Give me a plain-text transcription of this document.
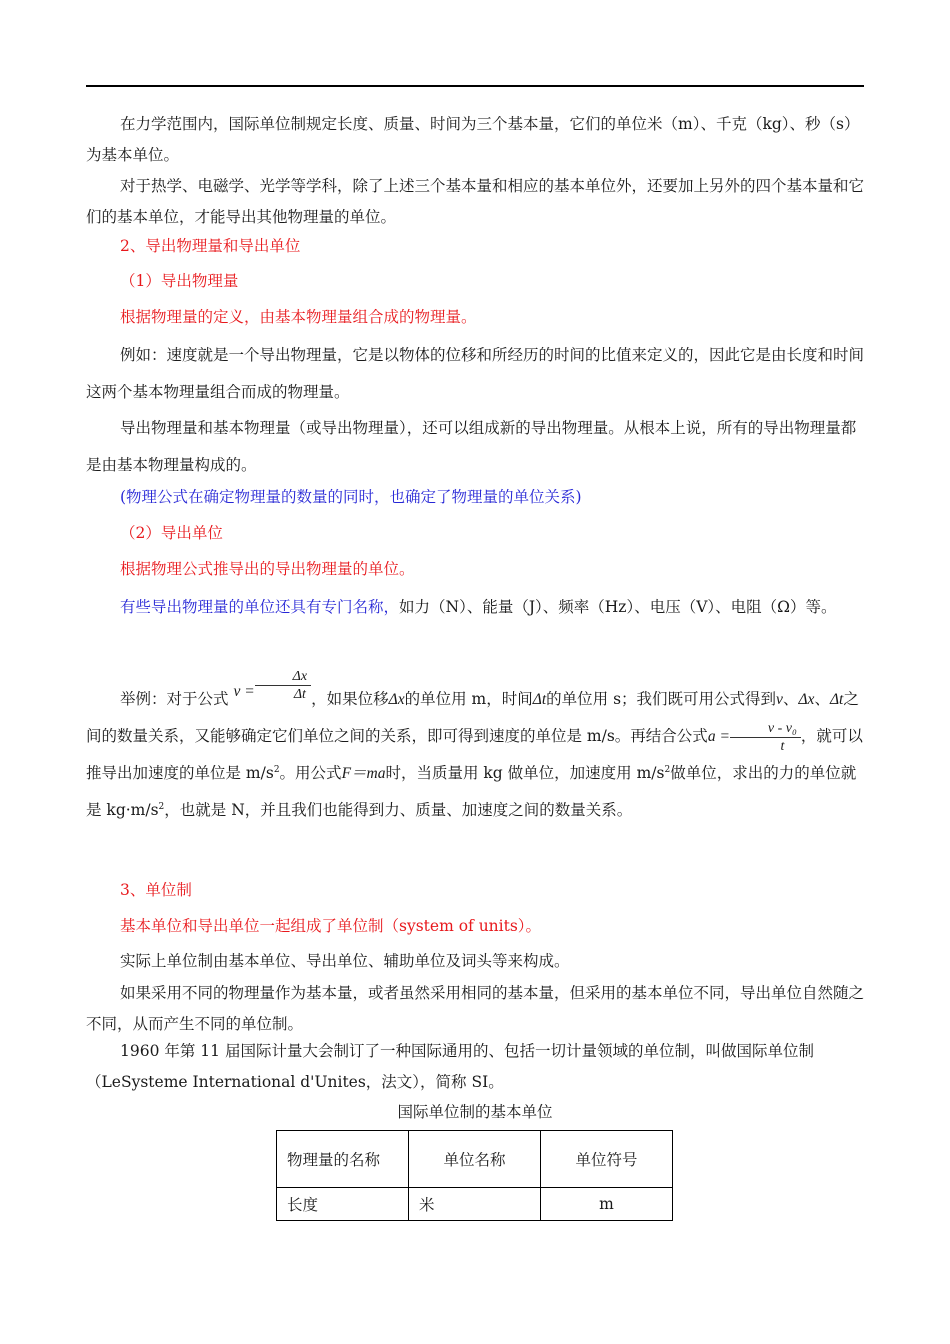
在力学范围内，国际单位制规定长度、质量、时间为三个基本量，它们的单位米（m）、千克（kg）、秒（s）为基本单位。
对于热学、电磁学、光学等学科，除了上述三个基本量和相应的基本单位外，还要加上另外的四个基本量和它们的基本单位，才能导出其他物理量的单位。
2、导出物理量和导出单位
（1）导出物理量
根据物理量的定义，由基本物理量组合成的物理量。
例如：速度就是一个导出物理量，它是以物体的位移和所经历的时间的比值来定义的，因此它是由长度和时间这两个基本物理量组合而成的物理量。
导出物理量和基本物理量（或导出物理量），还可以组成新的导出物理量。从根本上说，所有的导出物理量都是由基本物理量构成的。
(物理公式在确定物理量的数量的同时，也确定了物理量的单位关系)
（2）导出单位
根据物理公式推导出的导出物理量的单位。
有些导出物理量的单位还具有专门名称，如力（N）、能量（J）、频率（Hz）、电压（V）、电阻（Ω）等。
举例：对于公式 $v = \frac{\Delta x}{\Delta t}$ ，如果位移Δx的单位用 m，时间Δt的单位用 s；我们既可用公式得到v、Δx、Δt之间的数量关系，又能够确定它们单位之间的关系，即可得到速度的单位是 m/s。再结合公式$a = \frac{\text{v - v₀}}{t}$ ，就可以推导出加速度的单位是 $m/s^2$。用公式F＝ma时，当质量用 kg 做单位，加速度用 $m/s^2$做单位，求出的力的单位就是 $kg\cdot m/s^2$，也就是 N，并且我们也能得到力、质量、加速度之间的数量关系。
3、单位制
基本单位和导出单位一起组成了单位制（system of units）。
实际上单位制由基本单位、导出单位、辅助单位及词头等来构成。
如果采用不同的物理量作为基本量，或者虽然采用相同的基本量，但采用的基本单位不同，导出单位自然随之不同，从而产生不同的单位制。
1960 年第 11 届国际计量大会制订了一种国际通用的、包括一切计量领域的单位制，叫做国际单位制（LeSysteme International d'Unites，法文），简称 SI。
国际单位制的基本单位
物理量的名称	单位名称	单位符号
长度	米	m
